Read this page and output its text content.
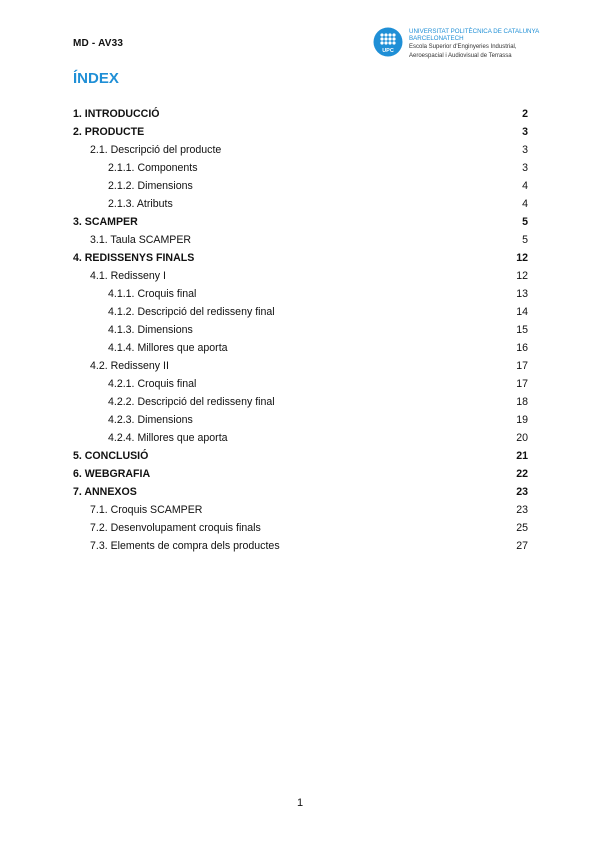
MD - AV33
UPC
UNIVERSITAT POLITÈCNICA DE CATALUNYA
BARCELONATECH
Escola Superior d'Enginyeries Industrial,
Aeroespacial i Audiovisual de Terrassa
ÍNDEX
1. INTRODUCCIÓ	2
2. PRODUCTE	3
2.1. Descripció del producte	3
2.1.1. Components	3
2.1.2. Dimensions	4
2.1.3. Atributs	4
3. SCAMPER	5
3.1. Taula SCAMPER	5
4. REDISSENYS FINALS	12
4.1. Redisseny I	12
4.1.1. Croquis final	13
4.1.2. Descripció del redisseny final	14
4.1.3. Dimensions	15
4.1.4. Millores que aporta	16
4.2. Redisseny II	17
4.2.1. Croquis final	17
4.2.2. Descripció del redisseny final	18
4.2.3. Dimensions	19
4.2.4. Millores que aporta	20
5. CONCLUSIÓ	21
6. WEBGRAFIA	22
7. ANNEXOS	23
7.1. Croquis SCAMPER	23
7.2. Desenvolupament croquis finals	25
7.3. Elements de compra dels productes	27
1
